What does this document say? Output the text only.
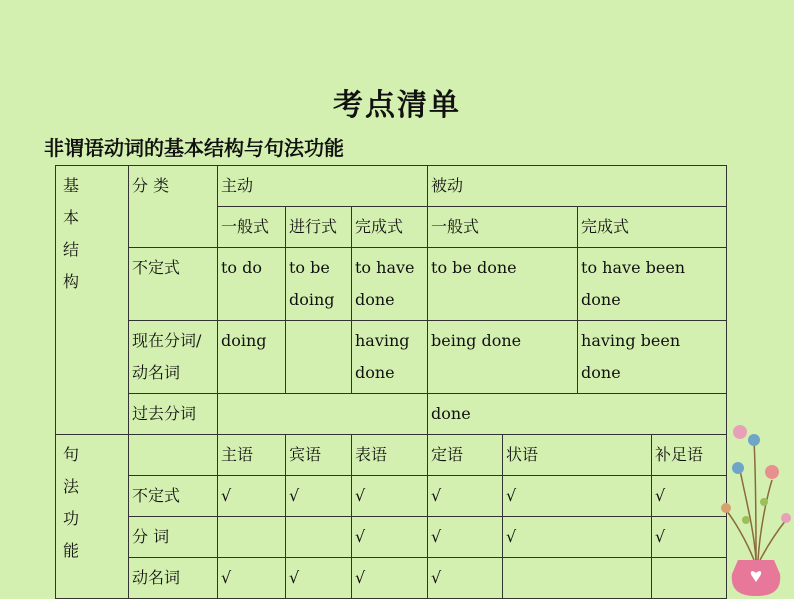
考点清单
非谓语动词的基本结构与句法功能
基本结构	分 类	主动			被动			
		一般式	进行式	完成式	一般式		完成式	
	不定式	to do	to be doing	to have done	to be done		to have been done	
	现在分词/动名词	doing		having done	being done		having been done	
	过去分词				done			

句法功能		主语	宾语	表语	定语	状语		补足语
	不定式	√	√	√	√	√		√
	分 词			√	√	√		√
	动名词	√	√	√	√			
